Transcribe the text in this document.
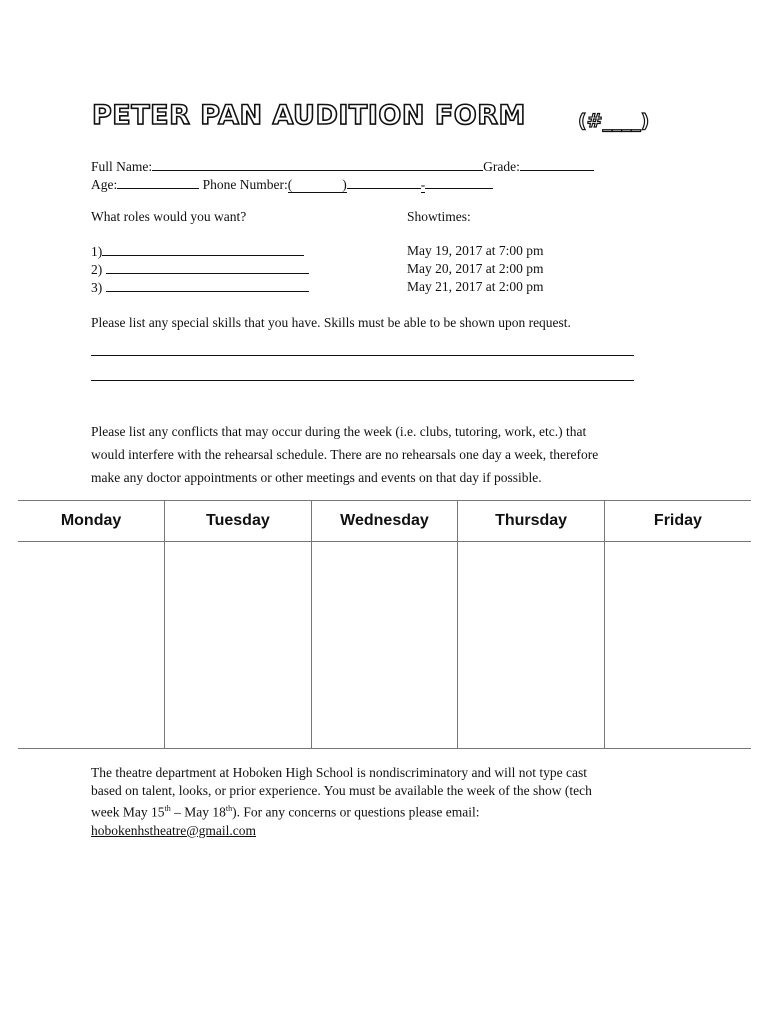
PETER PAN AUDITION FORM	(#____)
Full Name:	Grade:
Age:	Phone Number:(	)	-
What roles would you want?
1)
2)
3)
Showtimes:
May 19, 2017 at 7:00 pm
May 20, 2017 at 2:00 pm
May 21, 2017 at 2:00 pm
Please list any special skills that you have. Skills must be able to be shown upon request.
Please list any conflicts that may occur during the week (i.e. clubs, tutoring, work, etc.) that
would interfere with the rehearsal schedule. There are no rehearsals one day a week, therefore
make any doctor appointments or other meetings and events on that day if possible.
Monday	Tuesday	Wednesday	Thursday	Friday

The theatre department at Hoboken High School is nondiscriminatory and will not type cast
based on talent, looks, or prior experience. You must be available the week of the show (tech
week May 15th – May 18th). For any concerns or questions please email:
hobokenhstheatre@gmail.com
